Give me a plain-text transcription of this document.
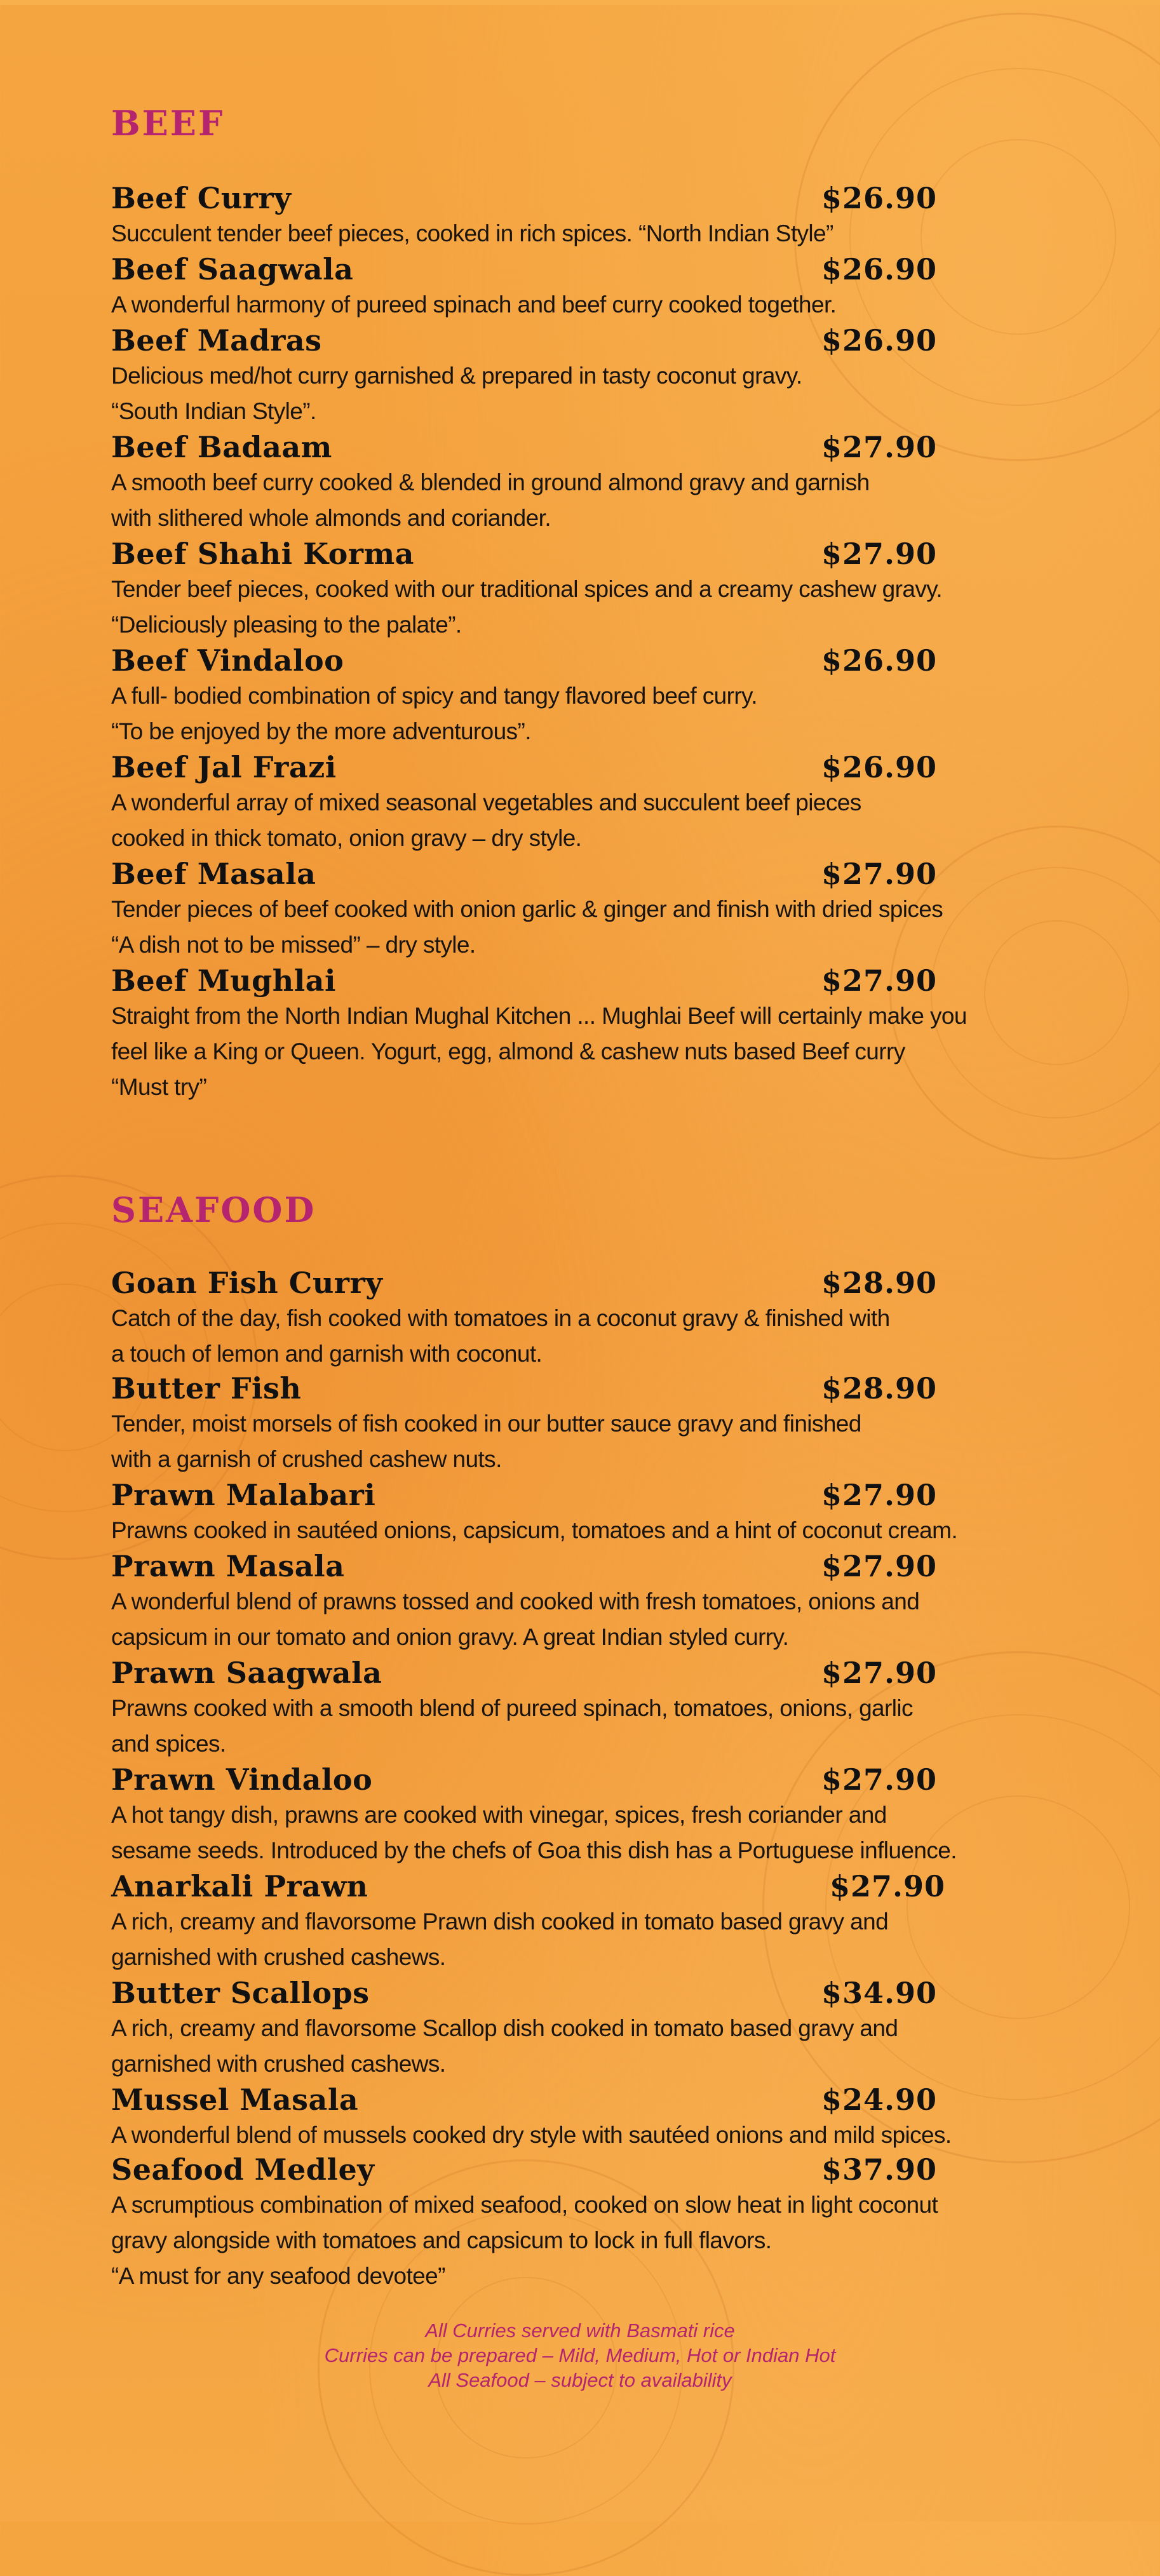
BEEF
Beef Curry	$26.90
Succulent tender beef pieces, cooked in rich spices. “North Indian Style”
Beef Saagwala	$26.90
A wonderful harmony of pureed spinach and beef curry cooked together.
Beef Madras	$26.90
Delicious med/hot curry garnished & prepared in tasty coconut gravy.
“South Indian Style”.
Beef Badaam	$27.90
A smooth beef curry cooked & blended in ground almond gravy and garnish
with slithered whole almonds and coriander.
Beef Shahi Korma	$27.90
Tender beef pieces, cooked with our traditional spices and a creamy cashew gravy.
“Deliciously pleasing to the palate”.
Beef Vindaloo	$26.90
A full- bodied combination of spicy and tangy flavored beef curry.
“To be enjoyed by the more adventurous”.
Beef Jal Frazi	$26.90
A wonderful array of mixed seasonal vegetables and succulent beef pieces
cooked in thick tomato, onion gravy – dry style.
Beef Masala	$27.90
Tender pieces of beef cooked with onion garlic & ginger and finish with dried spices
“A dish not to be missed” – dry style.
Beef Mughlai	$27.90
Straight from the North Indian Mughal Kitchen ... Mughlai Beef will certainly make you
feel like a King or Queen. Yogurt, egg, almond & cashew nuts based Beef curry
“Must try”
SEAFOOD
Goan Fish Curry	$28.90
Catch of the day, fish cooked with tomatoes in a coconut gravy & finished with
a touch of lemon and garnish with coconut.
Butter Fish	$28.90
Tender, moist morsels of fish cooked in our butter sauce gravy and finished
with a garnish of crushed cashew nuts.
Prawn Malabari	$27.90
Prawns cooked in sautéed onions, capsicum, tomatoes and a hint of coconut cream.
Prawn Masala	$27.90
A wonderful blend of prawns tossed and cooked with fresh tomatoes, onions and
capsicum in our tomato and onion gravy. A great Indian styled curry.
Prawn Saagwala	$27.90
Prawns cooked with a smooth blend of pureed spinach, tomatoes, onions, garlic
and spices.
Prawn Vindaloo	$27.90
A hot tangy dish, prawns are cooked with vinegar, spices, fresh coriander and
sesame seeds. Introduced by the chefs of Goa this dish has a Portuguese influence.
Anarkali Prawn	$27.90
A rich, creamy and flavorsome Prawn dish cooked in tomato based gravy and
garnished with crushed cashews.
Butter Scallops	$34.90
A rich, creamy and flavorsome Scallop dish cooked in tomato based gravy and
garnished with crushed cashews.
Mussel Masala	$24.90
A wonderful blend of mussels cooked dry style with sautéed onions and mild spices.
Seafood Medley	$37.90
A scrumptious combination of mixed seafood, cooked on slow heat in light coconut
gravy alongside with tomatoes and capsicum to lock in full flavors.
“A must for any seafood devotee”
All Curries served with Basmati rice
Curries can be prepared – Mild, Medium, Hot or Indian Hot
All Seafood – subject to availability
